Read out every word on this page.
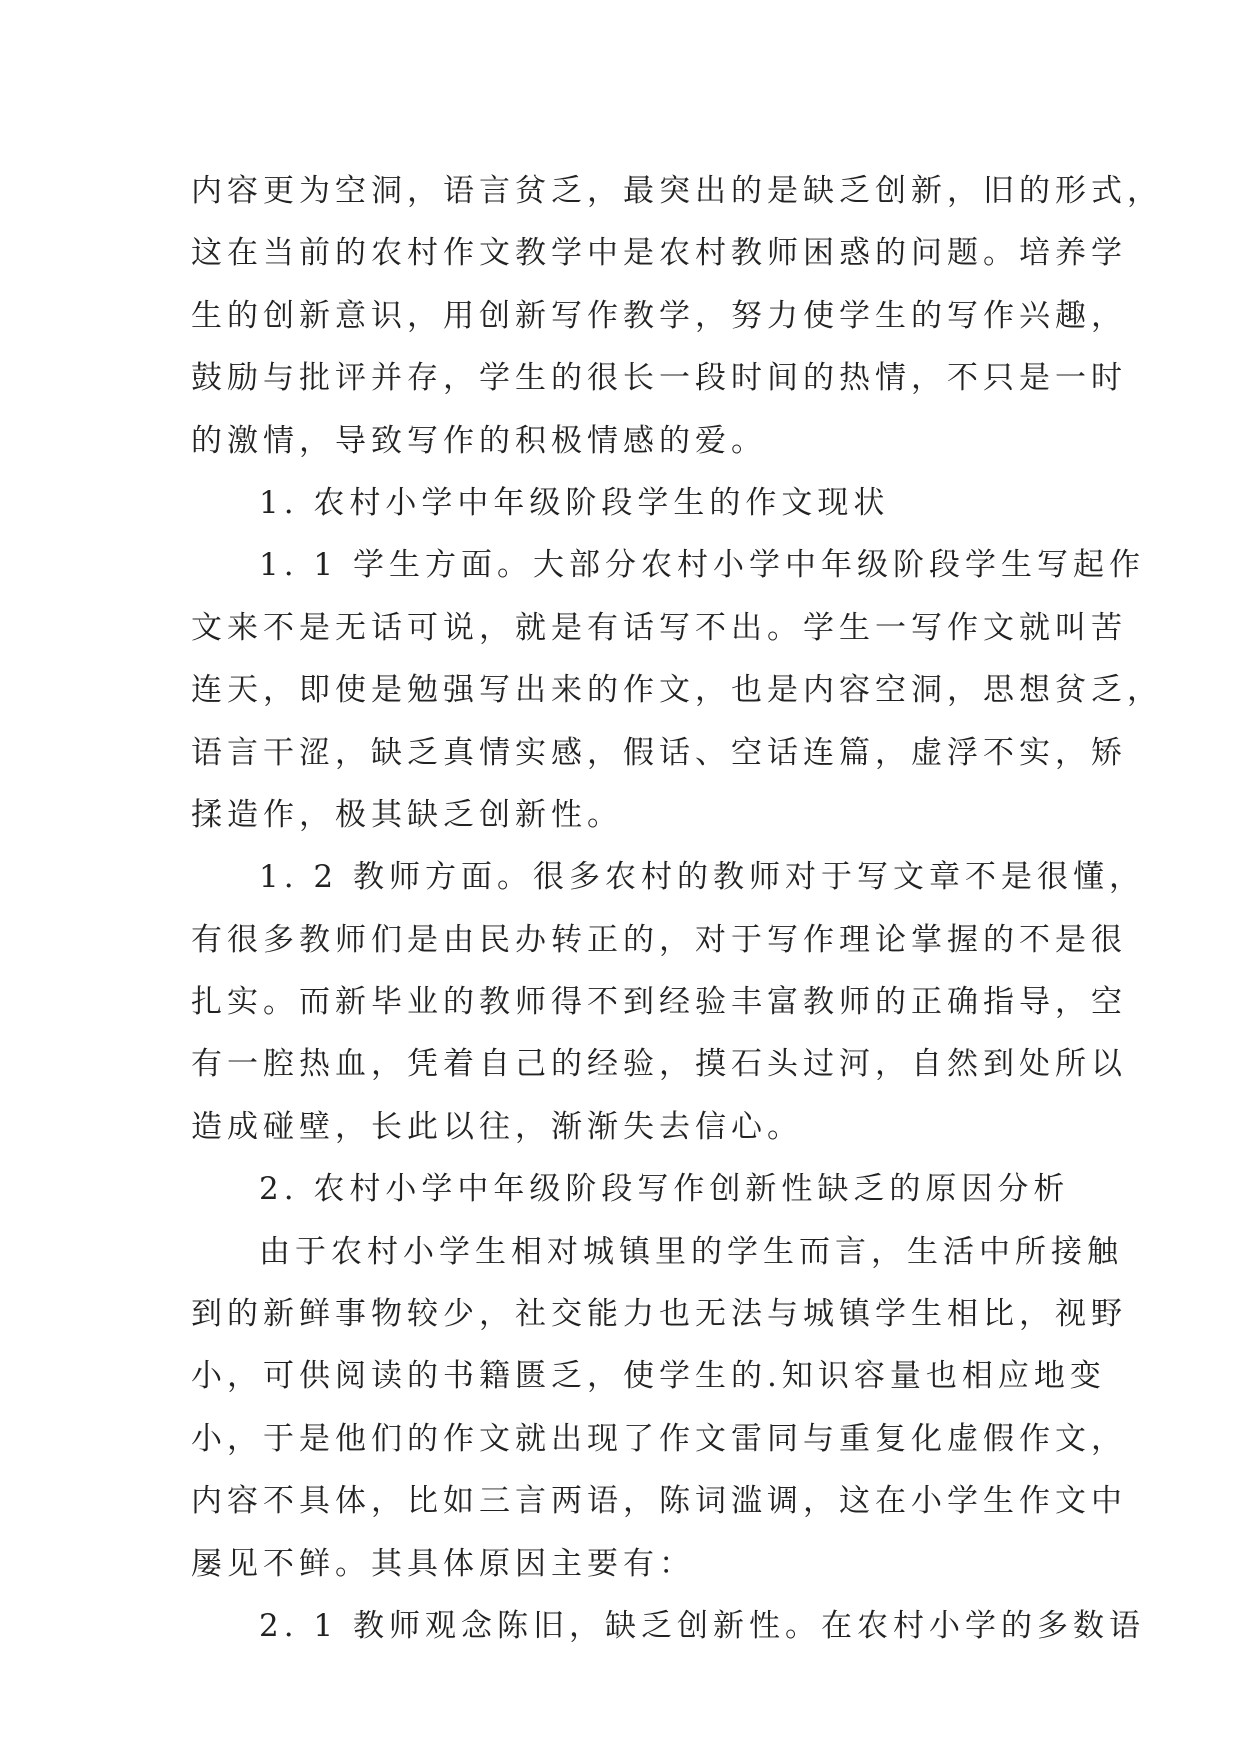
内容更为空洞，语言贫乏，最突出的是缺乏创新，旧的形式，
这在当前的农村作文教学中是农村教师困惑的问题。培养学
生的创新意识，用创新写作教学，努力使学生的写作兴趣，
鼓励与批评并存，学生的很长一段时间的热情，不只是一时
的激情，导致写作的积极情感的爱。
1. 农村小学中年级阶段学生的作文现状
1. 1 学生方面。大部分农村小学中年级阶段学生写起作
文来不是无话可说，就是有话写不出。学生一写作文就叫苦
连天，即使是勉强写出来的作文，也是内容空洞，思想贫乏，
语言干涩，缺乏真情实感，假话、空话连篇，虚浮不实，矫
揉造作，极其缺乏创新性。
1. 2 教师方面。很多农村的教师对于写文章不是很懂，
有很多教师们是由民办转正的，对于写作理论掌握的不是很
扎实。而新毕业的教师得不到经验丰富教师的正确指导，空
有一腔热血，凭着自己的经验，摸石头过河，自然到处所以
造成碰壁，长此以往，渐渐失去信心。
2. 农村小学中年级阶段写作创新性缺乏的原因分析
由于农村小学生相对城镇里的学生而言，生活中所接触
到的新鲜事物较少，社交能力也无法与城镇学生相比，视野
小，可供阅读的书籍匮乏，使学生的.知识容量也相应地变
小，于是他们的作文就出现了作文雷同与重复化虚假作文，
内容不具体，比如三言两语，陈词滥调，这在小学生作文中
屡见不鲜。其具体原因主要有：
2. 1 教师观念陈旧，缺乏创新性。在农村小学的多数语
